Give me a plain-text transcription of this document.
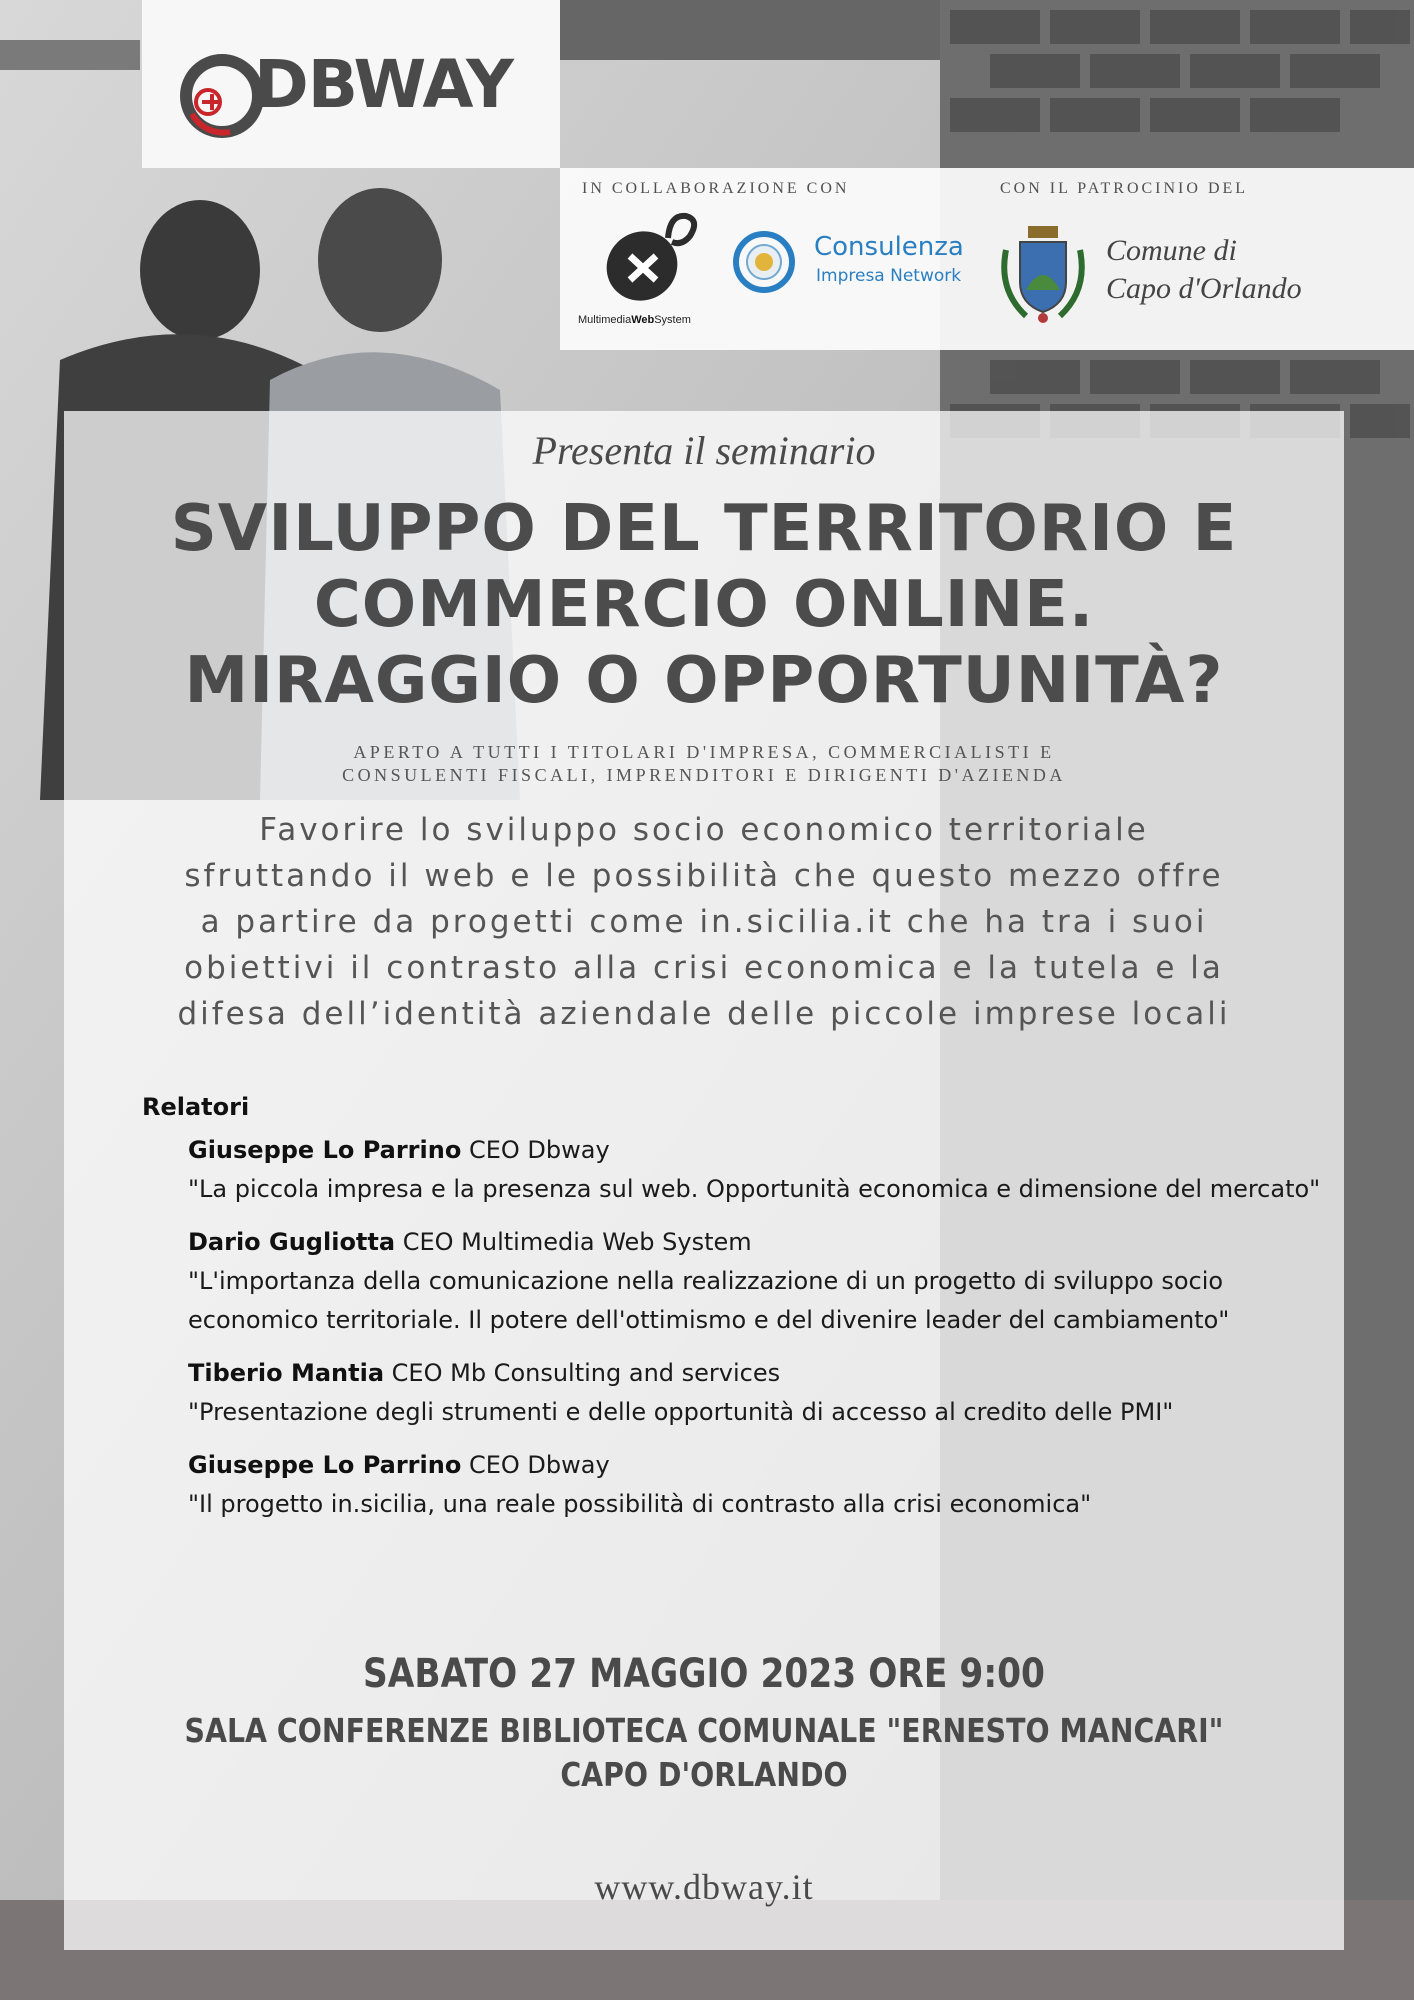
DBWAY
IN COLLABORAZIONE CON	CON IL PATROCINIO DEL
MultimediaWebSystem
Consulenza
Impresa Network
Comune di
Capo d'Orlando
Presenta il seminario
SVILUPPO DEL TERRITORIO E
COMMERCIO ONLINE.
MIRAGGIO O OPPORTUNITÀ?
APERTO A TUTTI I TITOLARI D'IMPRESA, COMMERCIALISTI E
CONSULENTI FISCALI, IMPRENDITORI E DIRIGENTI D'AZIENDA
Favorire lo sviluppo socio economico territoriale
sfruttando il web e le possibilità che questo mezzo offre
a partire da progetti come in.sicilia.it che ha tra i suoi
obiettivi il contrasto alla crisi economica e la tutela e la
difesa dell’identità aziendale delle piccole imprese locali
Relatori
Giuseppe Lo Parrino CEO Dbway
"La piccola impresa e la presenza sul web. Opportunità economica e dimensione del mercato"
Dario Gugliotta CEO Multimedia Web System
"L'importanza della comunicazione nella realizzazione di un progetto di sviluppo socio economico territoriale. Il potere dell'ottimismo e del divenire leader del cambiamento"
Tiberio Mantia CEO Mb Consulting and services
"Presentazione degli strumenti e delle opportunità di accesso al credito delle PMI"
Giuseppe Lo Parrino CEO Dbway
"Il progetto in.sicilia, una reale possibilità di contrasto alla crisi economica"
SABATO 27 MAGGIO 2023 ORE 9:00
SALA CONFERENZE BIBLIOTECA COMUNALE "ERNESTO MANCARI"
CAPO D'ORLANDO
www.dbway.it
